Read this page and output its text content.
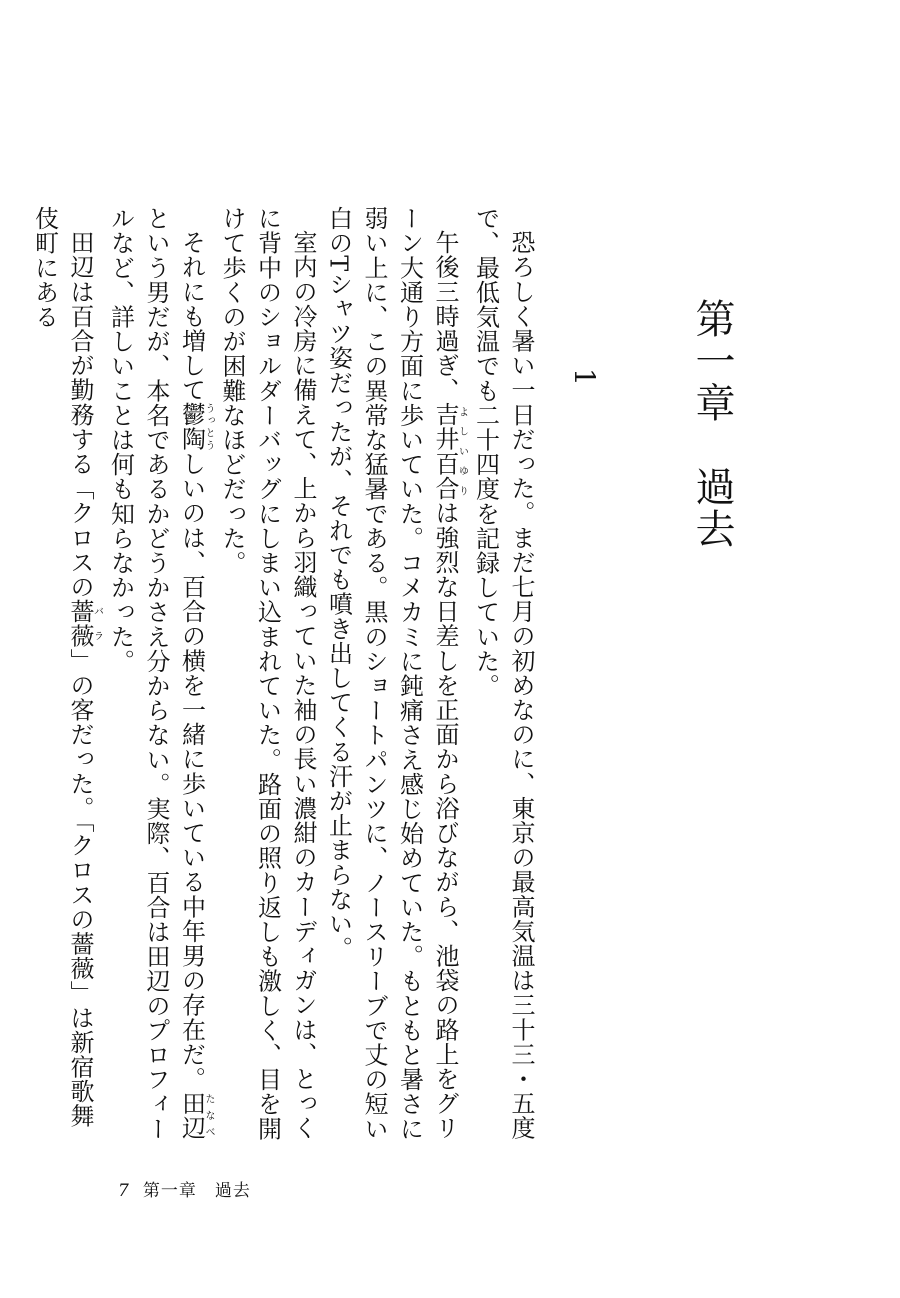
第一章　過去
1

恐ろしく暑い一日だった。まだ七月の初めなのに、東京の最高気温は三十三・五度で、最低気温でも二十四度を記録していた。

午後三時過ぎ、吉井百合よしいゆりは強烈な日差しを正面から浴びながら、池袋の路上をグリーン大通り方面に歩いていた。コメカミに鈍痛さえ感じ始めていた。もともと暑さに弱い上に、この異常な猛暑である。黒のショートパンツに、ノースリーブで丈の短い白のTシャツ姿だったが、それでも噴き出してくる汗が止まらない。

室内の冷房に備えて、上から羽織っていた袖の長い濃紺のカーディガンは、とっくに背中のショルダーバッグにしまい込まれていた。路面の照り返しも激しく、目を開けて歩くのが困難なほどだった。

それにも増して鬱陶うっとうしいのは、百合の横を一緒に歩いている中年男の存在だ。田辺たなべという男だが、本名であるかどうかさえ分からない。実際、百合は田辺のプロフィールなど、詳しいことは何も知らなかった。

田辺は百合が勤務する「クロスの薔薇バラ」の客だった。「クロスの薔薇」は新宿歌舞伎町にある

7 第一章　過去
